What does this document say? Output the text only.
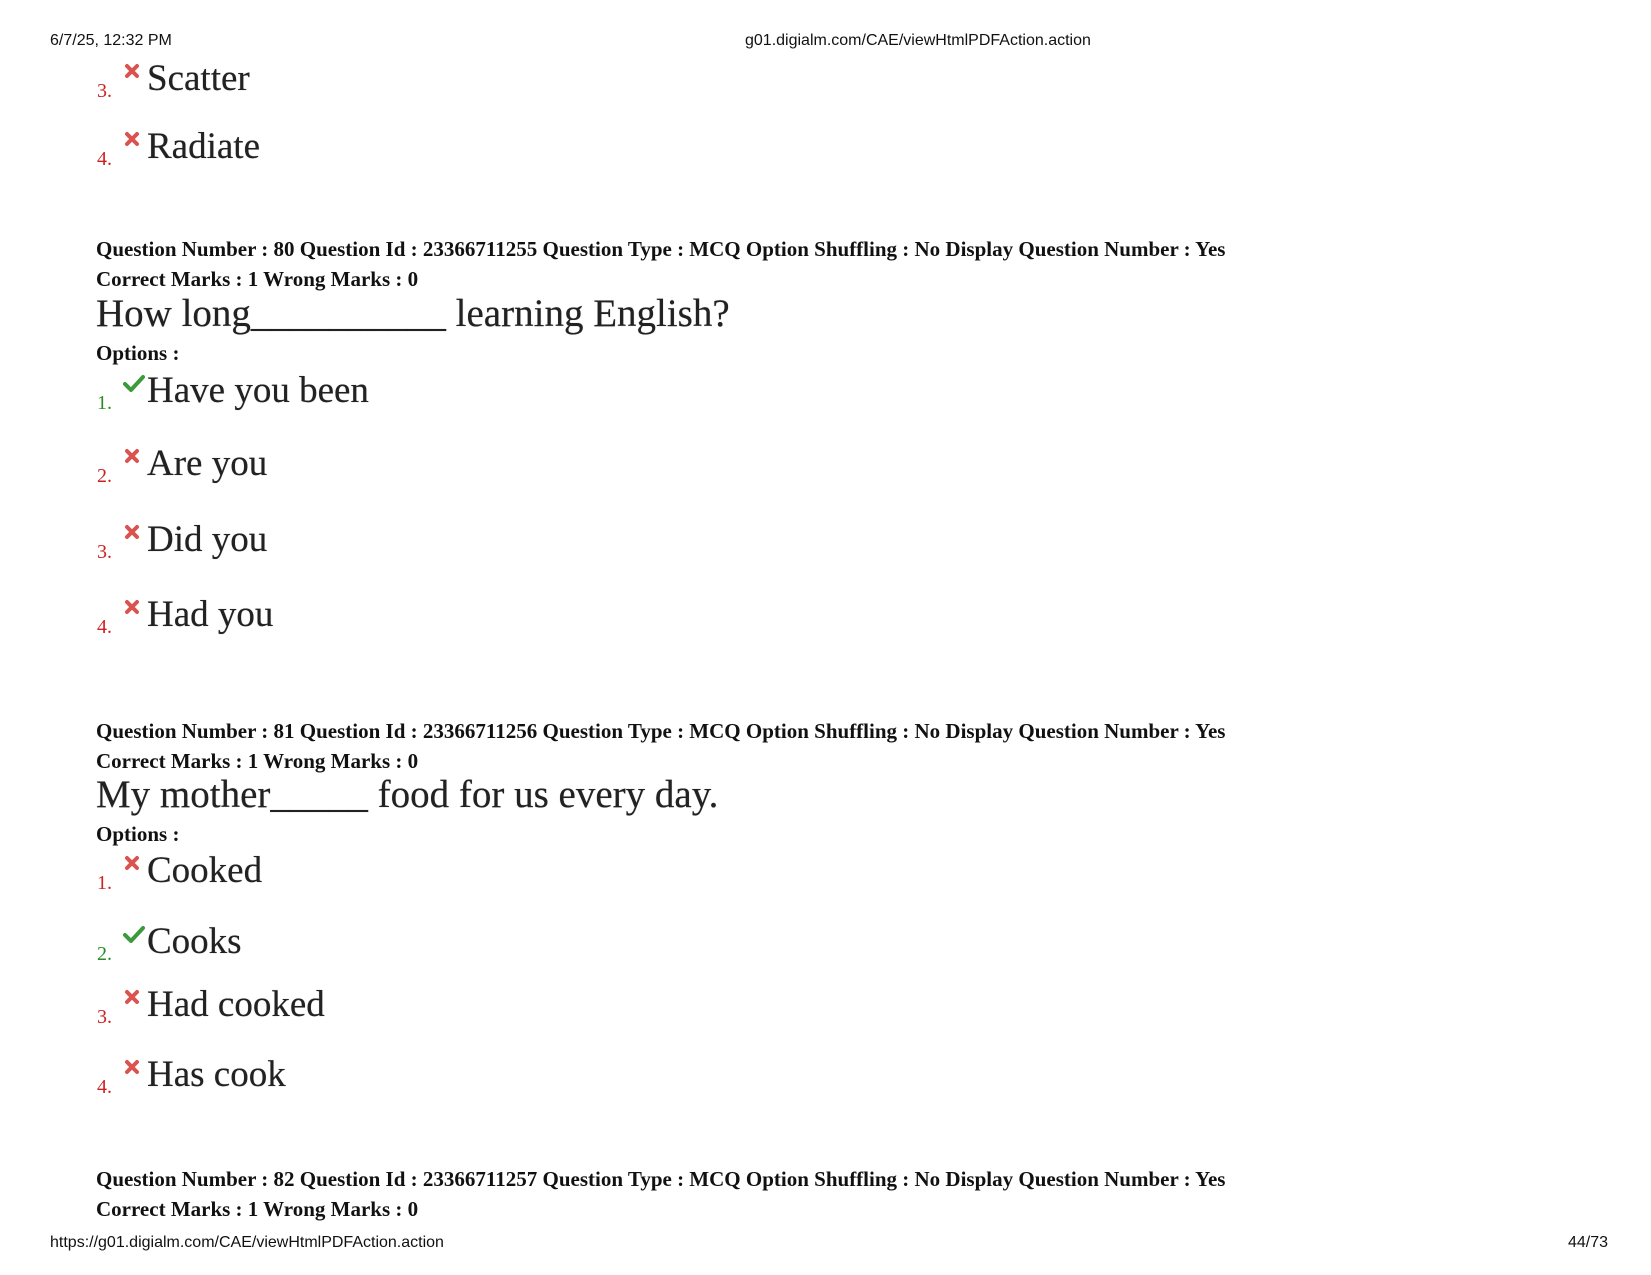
6/7/25, 12:32 PM	g01.digialm.com/CAE/viewHtmlPDFAction.action
3. Scatter
4. Radiate
Question Number : 80 Question Id : 23366711255 Question Type : MCQ Option Shuffling : No Display Question Number : Yes
Correct Marks : 1 Wrong Marks : 0
How long__________ learning English?
Options :
1. Have you been
2. Are you
3. Did you
4. Had you
Question Number : 81 Question Id : 23366711256 Question Type : MCQ Option Shuffling : No Display Question Number : Yes
Correct Marks : 1 Wrong Marks : 0
My mother_____ food for us every day.
Options :
1. Cooked
2. Cooks
3. Had cooked
4. Has cook
Question Number : 82 Question Id : 23366711257 Question Type : MCQ Option Shuffling : No Display Question Number : Yes
Correct Marks : 1 Wrong Marks : 0
https://g01.digialm.com/CAE/viewHtmlPDFAction.action	44/73
